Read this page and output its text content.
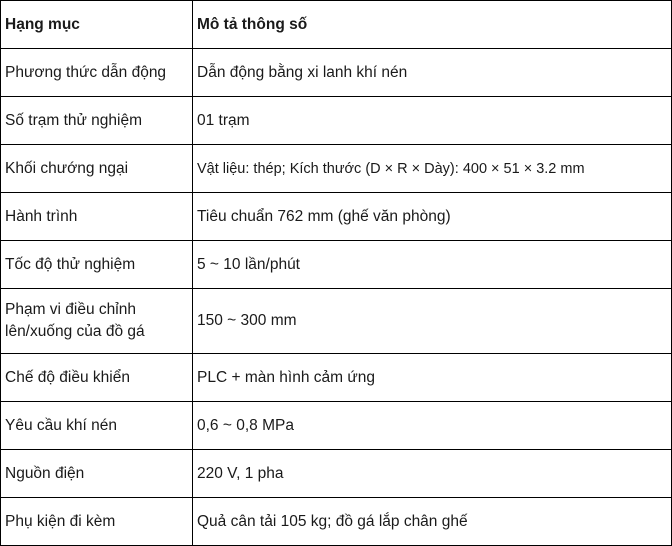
Hạng mục	Mô tả thông số
Phương thức dẫn động	Dẫn động bằng xi lanh khí nén
Số trạm thử nghiệm	01 trạm
Khối chướng ngại	Vật liệu: thép; Kích thước (D × R × Dày): 400 × 51 × 3.2 mm
Hành trình	Tiêu chuẩn 762 mm (ghế văn phòng)
Tốc độ thử nghiệm	5 ~ 10 lần/phút
Phạm vi điều chỉnh lên/xuống của đồ gá	150 ~ 300 mm
Chế độ điều khiển	PLC + màn hình cảm ứng
Yêu cầu khí nén	0,6 ~ 0,8 MPa
Nguồn điện	220 V, 1 pha
Phụ kiện đi kèm	Quả cân tải 105 kg; đồ gá lắp chân ghế
